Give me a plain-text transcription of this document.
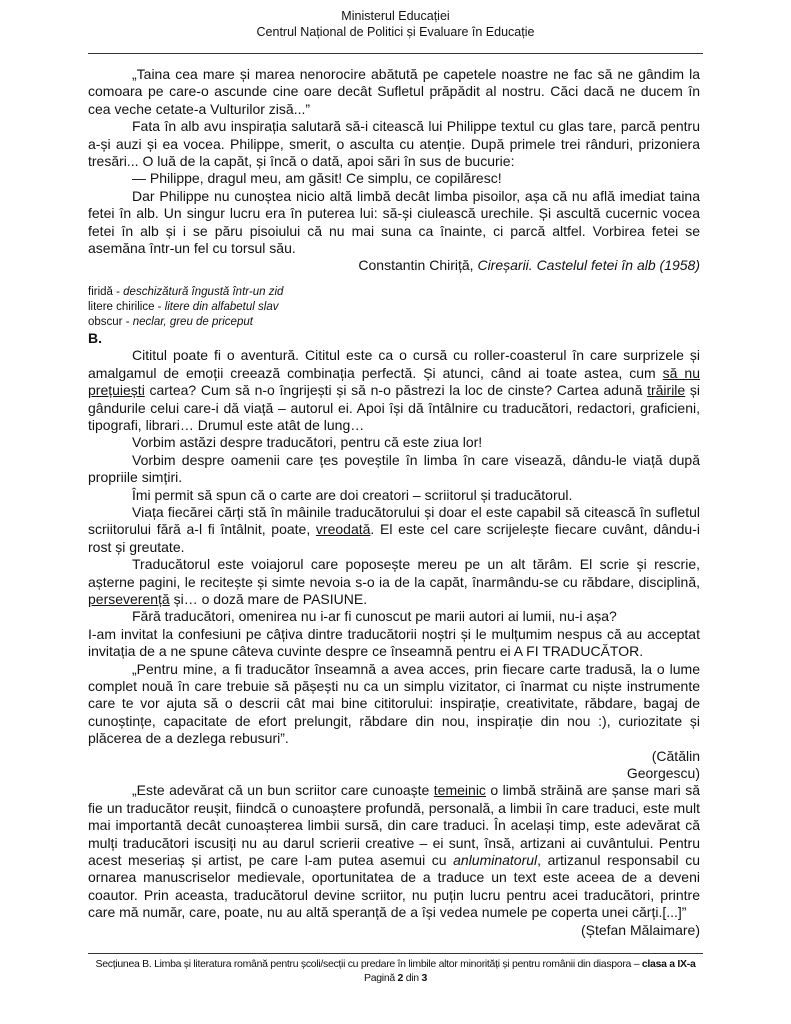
Ministerul Educației
Centrul Național de Politici și Evaluare în Educație

„Taina cea mare și marea nenorocire abătută pe capetele noastre ne fac să ne gândim la comoara pe care-o ascunde cine oare decât Sufletul prăpădit al nostru. Căci dacă ne ducem în cea veche cetate-a Vulturilor zisă...”

Fata în alb avu inspirația salutară să-i citească lui Philippe textul cu glas tare, parcă pentru a-și auzi și ea vocea. Philippe, smerit, o asculta cu atenție. După primele trei rânduri, prizoniera tresări... O luă de la capăt, și încă o dată, apoi sări în sus de bucurie:

— Philippe, dragul meu, am găsit! Ce simplu, ce copilăresc!

Dar Philippe nu cunoștea nicio altă limbă decât limba pisoilor, așa că nu află imediat taina fetei în alb. Un singur lucru era în puterea lui: să-și ciulească urechile. Și ascultă cucernic vocea fetei în alb și i se păru pisoiului că nu mai suna ca înainte, ci parcă altfel. Vorbirea fetei se asemăna într-un fel cu torsul său.

Constantin Chiriță, Cireșarii. Castelul fetei în alb (1958)

firidă - deschizătură îngustă într-un zid
litere chirilice - litere din alfabetul slav
obscur - neclar, greu de priceput

B.

Cititul poate fi o aventură. Cititul este ca o cursă cu roller-coasterul în care surprizele și amalgamul de emoții creează combinația perfectă. Și atunci, când ai toate astea, cum să nu prețuiești cartea? Cum să n-o îngrijești și să n-o păstrezi la loc de cinste? Cartea adună trăirile și gândurile celui care-i dă viață – autorul ei. Apoi își dă întâlnire cu traducători, redactori, graficieni, tipografi, librari… Drumul este atât de lung…

Vorbim astăzi despre traducători, pentru că este ziua lor!

Vorbim despre oamenii care țes poveștile în limba în care visează, dându-le viață după propriile simțiri.

Îmi permit să spun că o carte are doi creatori – scriitorul și traducătorul.

Viața fiecărei cărți stă în mâinile traducătorului și doar el este capabil să citească în sufletul scriitorului fără a-l fi întâlnit, poate, vreodată. El este cel care scrijelește fiecare cuvânt, dându-i rost și greutate.

Traducătorul este voiajorul care poposește mereu pe un alt tărâm. El scrie și rescrie, așterne pagini, le recitește și simte nevoia s-o ia de la capăt, înarmându-se cu răbdare, disciplină, perseverență și… o doză mare de PASIUNE.

Fără traducători, omenirea nu i-ar fi cunoscut pe marii autori ai lumii, nu-i așa?

I-am invitat la confesiuni pe câțiva dintre traducătorii noștri și le mulțumim nespus că au acceptat invitația de a ne spune câteva cuvinte despre ce înseamnă pentru ei A FI TRADUCĂTOR.

„Pentru mine, a fi traducător înseamnă a avea acces, prin fiecare carte tradusă, la o lume complet nouă în care trebuie să pășești nu ca un simplu vizitator, ci înarmat cu niște instrumente care te vor ajuta să o descrii cât mai bine cititorului: inspirație, creativitate, răbdare, bagaj de cunoștințe, capacitate de efort prelungit, răbdare din nou, inspirație din nou :), curiozitate și plăcerea de a dezlega rebusuri”.

(Cătălin

Georgescu)

„Este adevărat că un bun scriitor care cunoaște temeinic o limbă străină are șanse mari să fie un traducător reușit, fiindcă o cunoaștere profundă, personală, a limbii în care traduci, este mult mai importantă decât cunoașterea limbii sursă, din care traduci. În același timp, este adevărat că mulți traducători iscusiți nu au darul scrierii creative – ei sunt, însă, artizani ai cuvântului. Pentru acest meseriaș și artist, pe care l-am putea asemui cu anluminatorul, artizanul responsabil cu ornarea manuscriselor medievale, oportunitatea de a traduce un text este aceea de a deveni coautor. Prin aceasta, traducătorul devine scriitor, nu puțin lucru pentru acei traducători, printre care mă număr, care, poate, nu au altă speranță de a își vedea numele pe coperta unei cărți.[...]”

(Ștefan Mălaimare)

Secțiunea B. Limba și literatura română pentru școli/secții cu predare în limbile altor minorități și pentru românii din diaspora – clasa a IX-a
Pagină 2 din 3
